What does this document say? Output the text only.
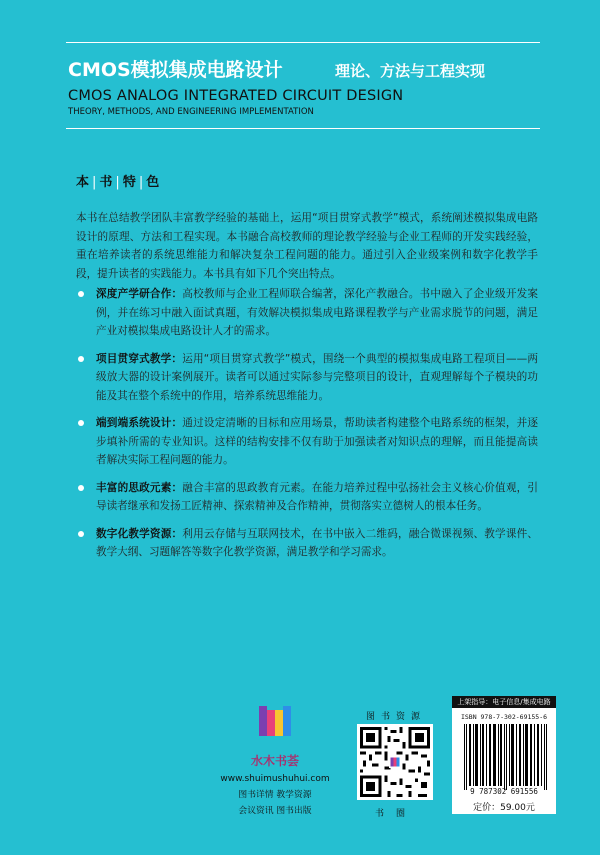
CMOS模拟集成电路设计	理论、方法与工程实现
CMOS ANALOG INTEGRATED CIRCUIT DESIGN
THEORY, METHODS, AND ENGINEERING IMPLEMENTATION
本 | 书 | 特 | 色
本书在总结教学团队丰富教学经验的基础上，运用“项目贯穿式教学”模式，系统阐述模拟集成电路设计的原理、方法和工程实现。本书融合高校教师的理论教学经验与企业工程师的开发实践经验，重在培养读者的系统思维能力和解决复杂工程问题的能力。通过引入企业级案例和数字化教学手段，提升读者的实践能力。本书具有如下几个突出特点。
深度产学研合作：高校教师与企业工程师联合编著，深化产教融合。书中融入了企业级开发案例，并在练习中融入面试真题，有效解决模拟集成电路课程教学与产业需求脱节的问题，满足产业对模拟集成电路设计人才的需求。
项目贯穿式教学：运用“项目贯穿式教学”模式，围绕一个典型的模拟集成电路工程项目——两级放大器的设计案例展开。读者可以通过实际参与完整项目的设计，直观理解每个子模块的功能及其在整个系统中的作用，培养系统思维能力。
端到端系统设计：通过设定清晰的目标和应用场景，帮助读者构建整个电路系统的框架，并逐步填补所需的专业知识。这样的结构安排不仅有助于加强读者对知识点的理解，而且能提高读者解决实际工程问题的能力。
丰富的思政元素：融合丰富的思政教育元素。在能力培养过程中弘扬社会主义核心价值观，引导读者继承和发扬工匠精神、探索精神及合作精神，贯彻落实立德树人的根本任务。
数字化教学资源：利用云存储与互联网技术，在书中嵌入二维码，融合微课视频、教学课件、教学大纲、习题解答等数字化教学资源，满足教学和学习需求。
水木书荟
www.shuimushuhui.com
图书详情 教学资源
会议资讯 图书出版
图书资源
书圈
上架指导：电子信息/集成电路
ISBN 978-7-302-69155-6
9 787302 691556
定价：59.00元
